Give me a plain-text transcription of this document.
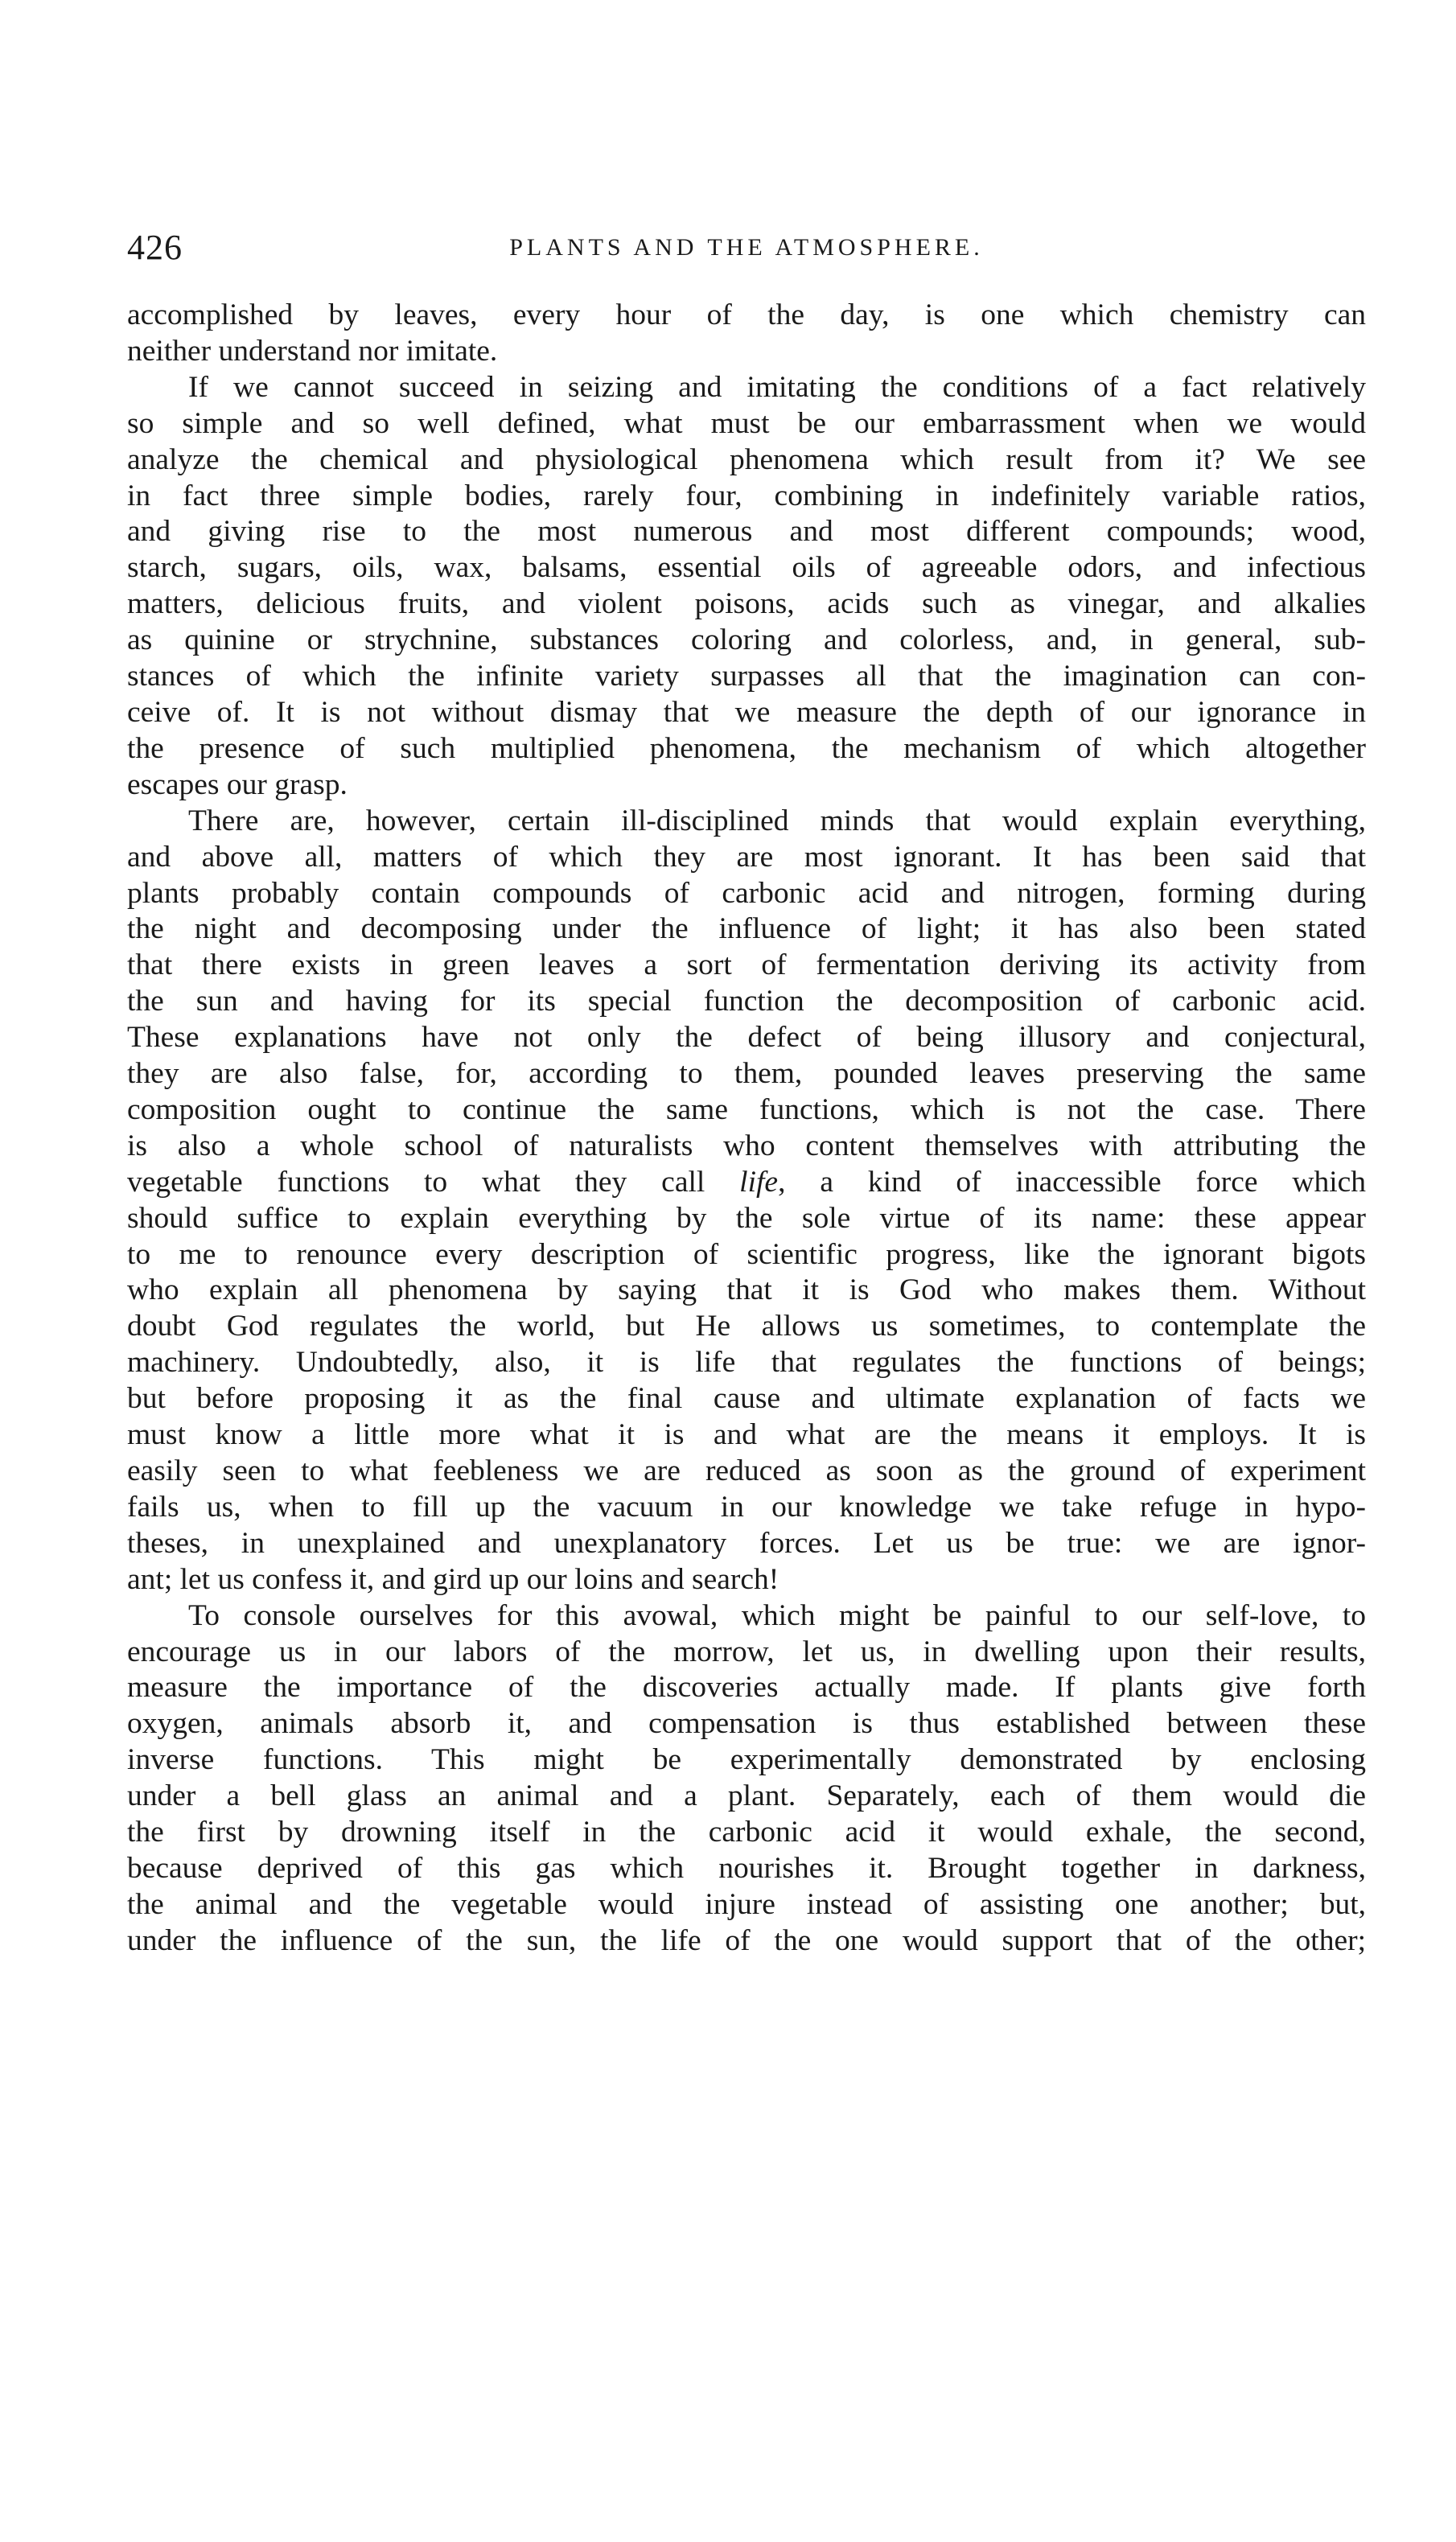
426	PLANTS AND THE ATMOSPHERE.
accomplished by leaves, every hour of the day, is one which chemistry can
neither understand nor imitate.
If we cannot succeed in seizing and imitating the conditions of a fact relatively
so simple and so well defined, what must be our embarrassment when we would
analyze the chemical and physiological phenomena which result from it? We see
in fact three simple bodies, rarely four, combining in indefinitely variable ratios,
and giving rise to the most numerous and most different compounds; wood,
starch, sugars, oils, wax, balsams, essential oils of agreeable odors, and infectious
matters, delicious fruits, and violent poisons, acids such as vinegar, and alkalies
as quinine or strychnine, substances coloring and colorless, and, in general, sub-
stances of which the infinite variety surpasses all that the imagination can con-
ceive of. It is not without dismay that we measure the depth of our ignorance in
the presence of such multiplied phenomena, the mechanism of which altogether
escapes our grasp.
There are, however, certain ill-disciplined minds that would explain everything,
and above all, matters of which they are most ignorant. It has been said that
plants probably contain compounds of carbonic acid and nitrogen, forming during
the night and decomposing under the influence of light; it has also been stated
that there exists in green leaves a sort of fermentation deriving its activity from
the sun and having for its special function the decomposition of carbonic acid.
These explanations have not only the defect of being illusory and conjectural,
they are also false, for, according to them, pounded leaves preserving the same
composition ought to continue the same functions, which is not the case. There
is also a whole school of naturalists who content themselves with attributing the
vegetable functions to what they call life, a kind of inaccessible force which
should suffice to explain everything by the sole virtue of its name: these appear
to me to renounce every description of scientific progress, like the ignorant bigots
who explain all phenomena by saying that it is God who makes them. Without
doubt God regulates the world, but He allows us sometimes, to contemplate the
machinery. Undoubtedly, also, it is life that regulates the functions of beings;
but before proposing it as the final cause and ultimate explanation of facts we
must know a little more what it is and what are the means it employs. It is
easily seen to what feebleness we are reduced as soon as the ground of experiment
fails us, when to fill up the vacuum in our knowledge we take refuge in hypo-
theses, in unexplained and unexplanatory forces. Let us be true: we are ignor-
ant; let us confess it, and gird up our loins and search!
To console ourselves for this avowal, which might be painful to our self-love, to
encourage us in our labors of the morrow, let us, in dwelling upon their results,
measure the importance of the discoveries actually made. If plants give forth
oxygen, animals absorb it, and compensation is thus established between these
inverse functions. This might be experimentally demonstrated by enclosing
under a bell glass an animal and a plant. Separately, each of them would die
the first by drowning itself in the carbonic acid it would exhale, the second,
because deprived of this gas which nourishes it. Brought together in darkness,
the animal and the vegetable would injure instead of assisting one another; but,
under the influence of the sun, the life of the one would support that of the other;
